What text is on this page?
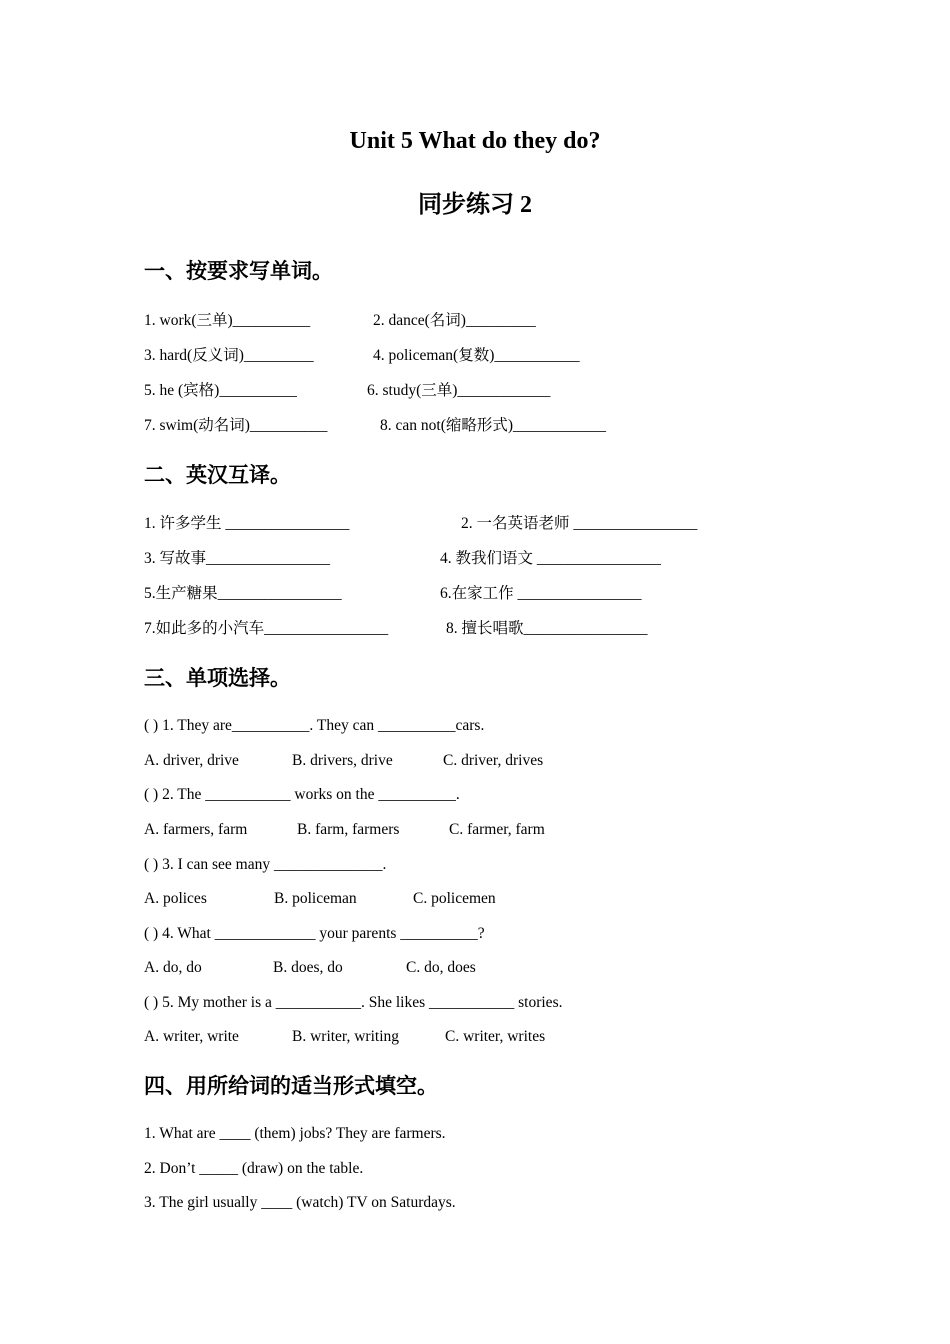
Unit 5 What do they do?
同步练习 2
一、按要求写单词。
1. work(三单)__________	2. dance(名词)_________
3. hard(反义词)_________	4. policeman(复数)___________
5. he (宾格)__________	6. study(三单)____________
7. swim(动名词)__________	8. can not(缩略形式)____________
二、英汉互译。
1. 许多学生 ________________	2. 一名英语老师 ________________
3. 写故事________________	4. 教我们语文 ________________
5.生产糖果________________	6.在家工作 ________________
7.如此多的小汽车________________	8. 擅长唱歌________________
三、单项选择。
( ) 1. They are__________. They can __________cars.
A. driver, drive	B. drivers, drive	C. driver, drives
( ) 2. The ___________ works on the __________.
A. farmers, farm	B. farm, farmers	C. farmer, farm
( ) 3. I can see many ______________.
A. polices	B. policeman	C. policemen
( ) 4. What _____________ your parents __________?
A. do, do	B. does, do	C. do, does
( ) 5. My mother is a ___________. She likes ___________ stories.
A. writer, write	B. writer, writing	C. writer, writes
四、用所给词的适当形式填空。
1. What are ____ (them) jobs? They are farmers.
2. Don’t _____ (draw) on the table.
3. The girl usually ____ (watch) TV on Saturdays.
